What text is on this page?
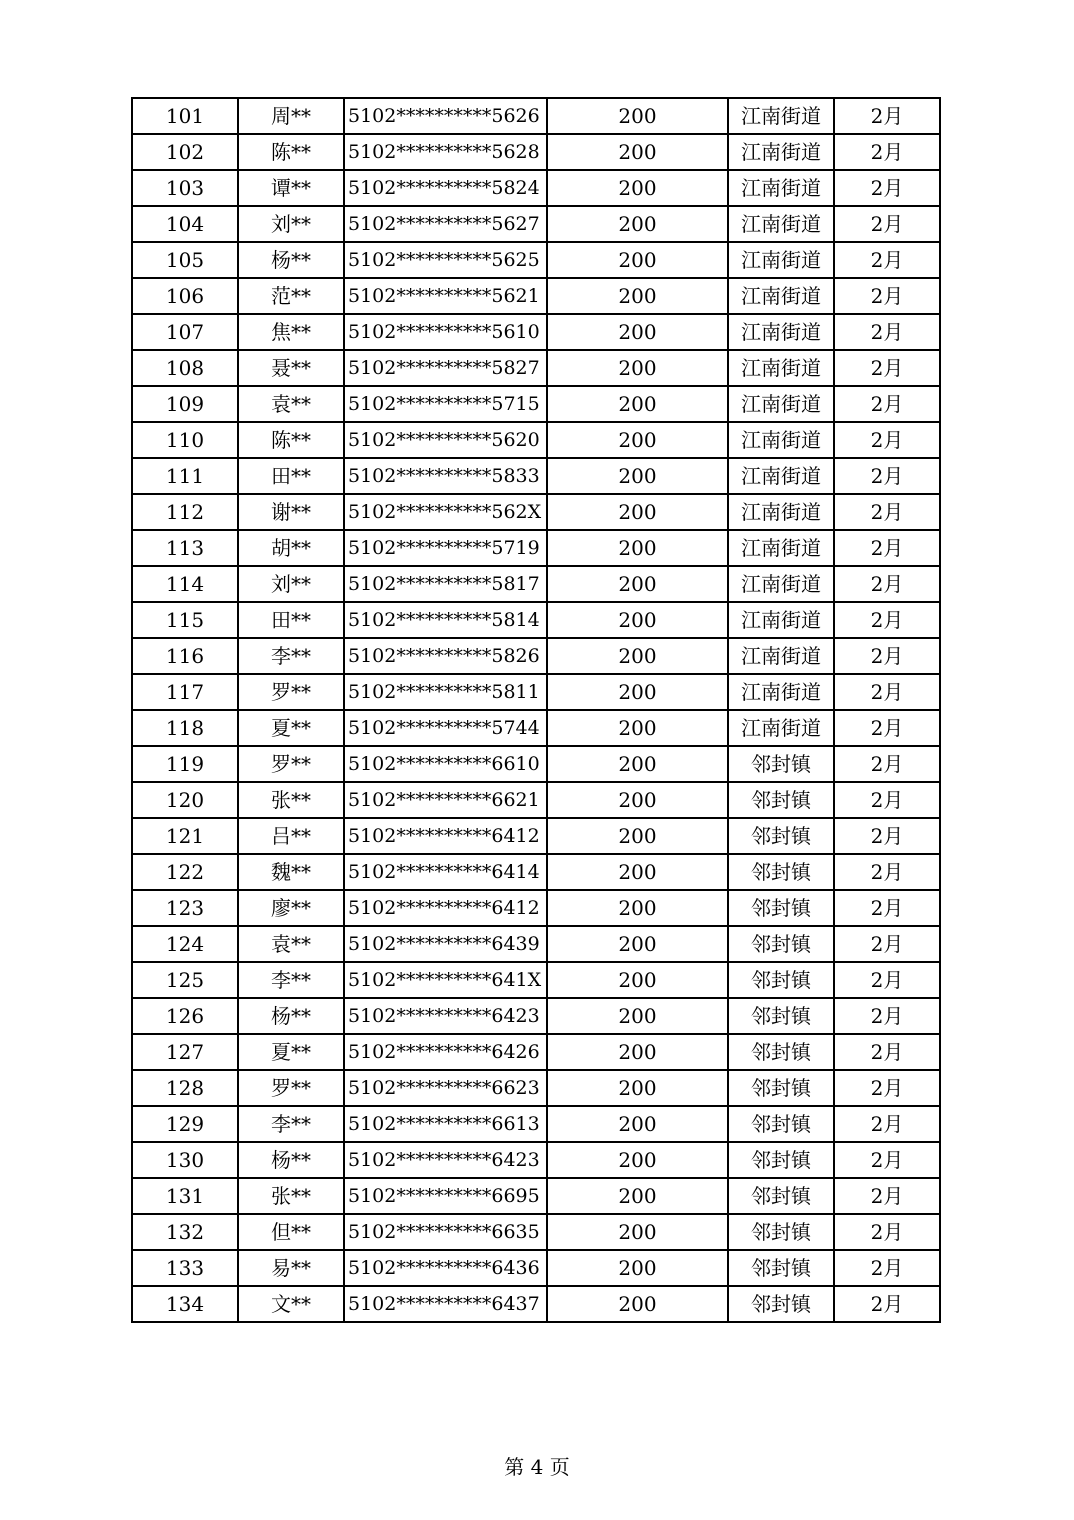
101	周**	5102**********5626	200	江南街道	2月
102	陈**	5102**********5628	200	江南街道	2月
103	谭**	5102**********5824	200	江南街道	2月
104	刘**	5102**********5627	200	江南街道	2月
105	杨**	5102**********5625	200	江南街道	2月
106	范**	5102**********5621	200	江南街道	2月
107	焦**	5102**********5610	200	江南街道	2月
108	聂**	5102**********5827	200	江南街道	2月
109	袁**	5102**********5715	200	江南街道	2月
110	陈**	5102**********5620	200	江南街道	2月
111	田**	5102**********5833	200	江南街道	2月
112	谢**	5102**********562X	200	江南街道	2月
113	胡**	5102**********5719	200	江南街道	2月
114	刘**	5102**********5817	200	江南街道	2月
115	田**	5102**********5814	200	江南街道	2月
116	李**	5102**********5826	200	江南街道	2月
117	罗**	5102**********5811	200	江南街道	2月
118	夏**	5102**********5744	200	江南街道	2月
119	罗**	5102**********6610	200	邻封镇	2月
120	张**	5102**********6621	200	邻封镇	2月
121	吕**	5102**********6412	200	邻封镇	2月
122	魏**	5102**********6414	200	邻封镇	2月
123	廖**	5102**********6412	200	邻封镇	2月
124	袁**	5102**********6439	200	邻封镇	2月
125	李**	5102**********641X	200	邻封镇	2月
126	杨**	5102**********6423	200	邻封镇	2月
127	夏**	5102**********6426	200	邻封镇	2月
128	罗**	5102**********6623	200	邻封镇	2月
129	李**	5102**********6613	200	邻封镇	2月
130	杨**	5102**********6423	200	邻封镇	2月
131	张**	5102**********6695	200	邻封镇	2月
132	但**	5102**********6635	200	邻封镇	2月
133	易**	5102**********6436	200	邻封镇	2月
134	文**	5102**********6437	200	邻封镇	2月
第 4 页
